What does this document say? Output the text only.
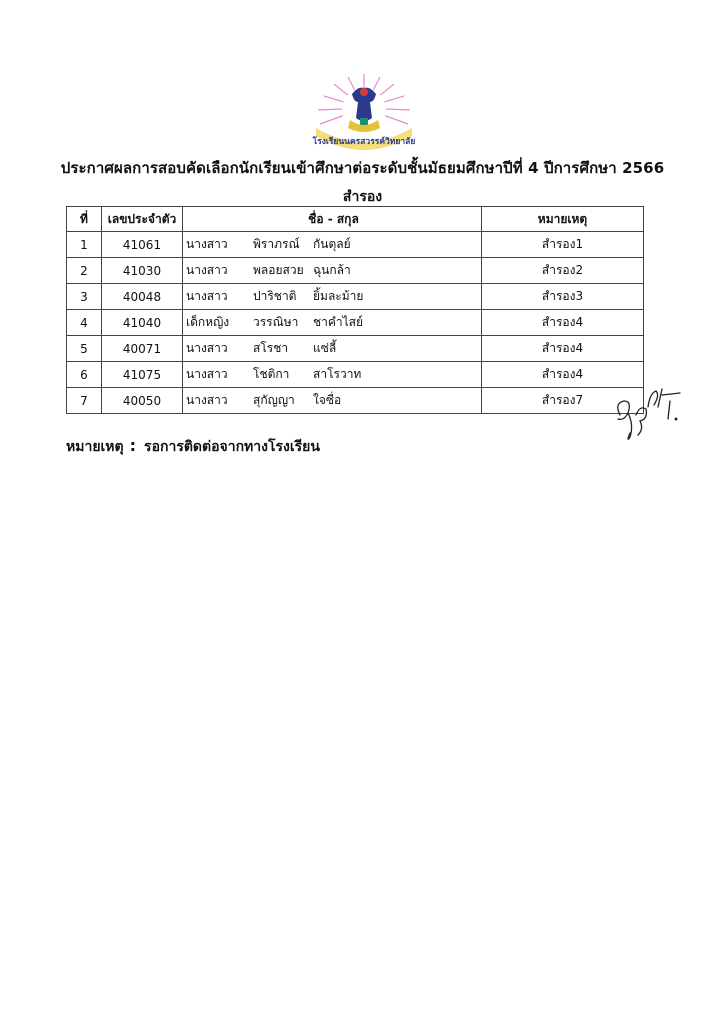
โรงเรียนนครสวรรค์วิทยาลัย
ประกาศผลการสอบคัดเลือกนักเรียนเข้าศึกษาต่อระดับชั้นมัธยมศึกษาปีที่ 4 ปีการศึกษา 2566
สำรอง
ที่	เลขประจำตัว	ชื่อ - สกุล	หมายเหตุ
1	41061	นางสาว พิราภรณ์ กันตุลย์	สำรอง1
2	41030	นางสาว พลอยสวย ฉุนกล้า	สำรอง2
3	40048	นางสาว ปาริชาติ ยิ้มละม้าย	สำรอง3
4	41040	เด็กหญิง วรรณิษา ชาคำไสย์	สำรอง4
5	40071	นางสาว สโรชา แซ่ลี้	สำรอง4
6	41075	นางสาว โชติกา สาโรวาท	สำรอง4
7	40050	นางสาว สุกัญญา ใจซื่อ	สำรอง7
หมายเหตุ : รอการติดต่อจากทางโรงเรียน
